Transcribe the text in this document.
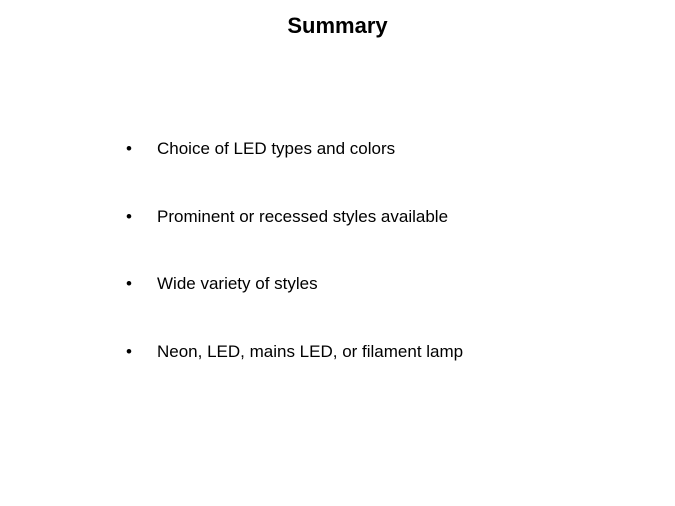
Summary
•	Choice of LED types and colors
•	Prominent or recessed styles available
•	Wide variety of styles
•	Neon, LED, mains LED, or filament lamp
